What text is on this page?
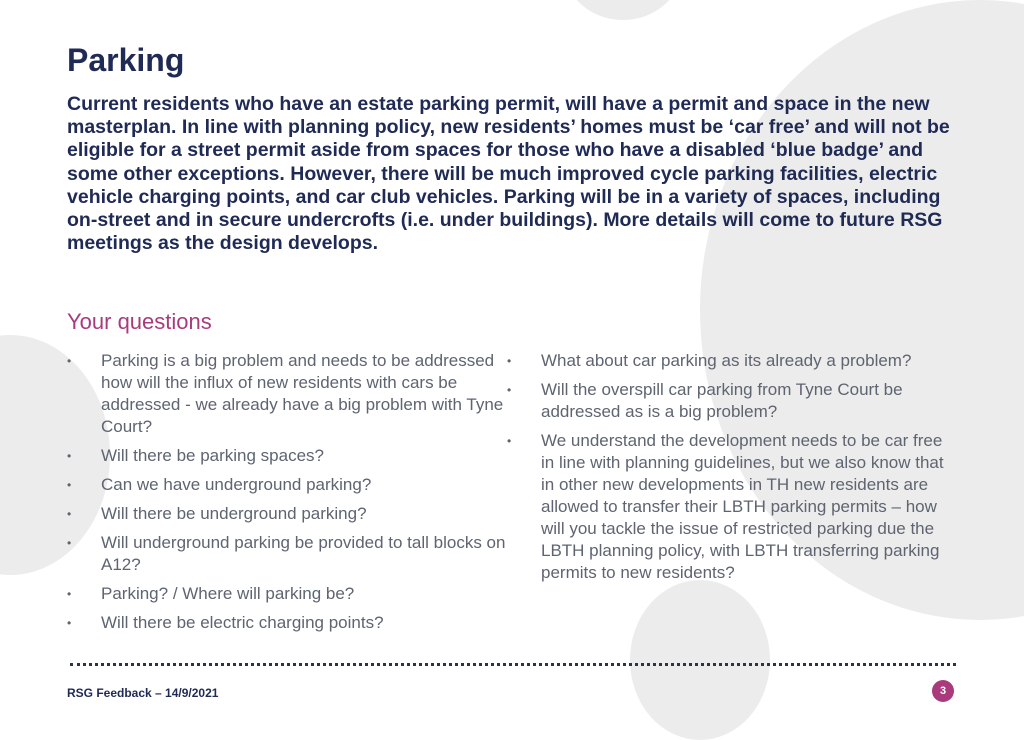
Parking

Current residents who have an estate parking permit, will have a permit and space in the new masterplan. In line with planning policy, new residents’ homes must be ‘car free’ and will not be eligible for a street permit aside from spaces for those who have a disabled ‘blue badge’ and some other exceptions. However, there will be much improved cycle parking facilities, electric vehicle charging points, and car club vehicles. Parking will be in a variety of spaces, including on-street and in secure undercrofts (i.e. under buildings). More details will come to future RSG meetings as the design develops.

Your questions
•	Parking is a big problem and needs to be addressed how will the influx of new residents with cars be addressed - we already have a big problem with Tyne Court?
•	Will there be parking spaces?
•	Can we have underground parking?
•	Will there be underground parking?
•	Will underground parking be provided to tall blocks on A12?
•	Parking? / Where will parking be?
•	Will there be electric charging points?
•	What about car parking as its already a problem?
•	Will the overspill car parking from Tyne Court be addressed as is a big problem?
•	We understand the development needs to be car free in line with planning guidelines, but we also know that in other new developments in TH new residents are allowed to transfer their LBTH parking permits – how will you tackle the issue of restricted parking due the LBTH planning policy, with LBTH transferring parking permits to new residents?
RSG Feedback – 14/9/2021	3
